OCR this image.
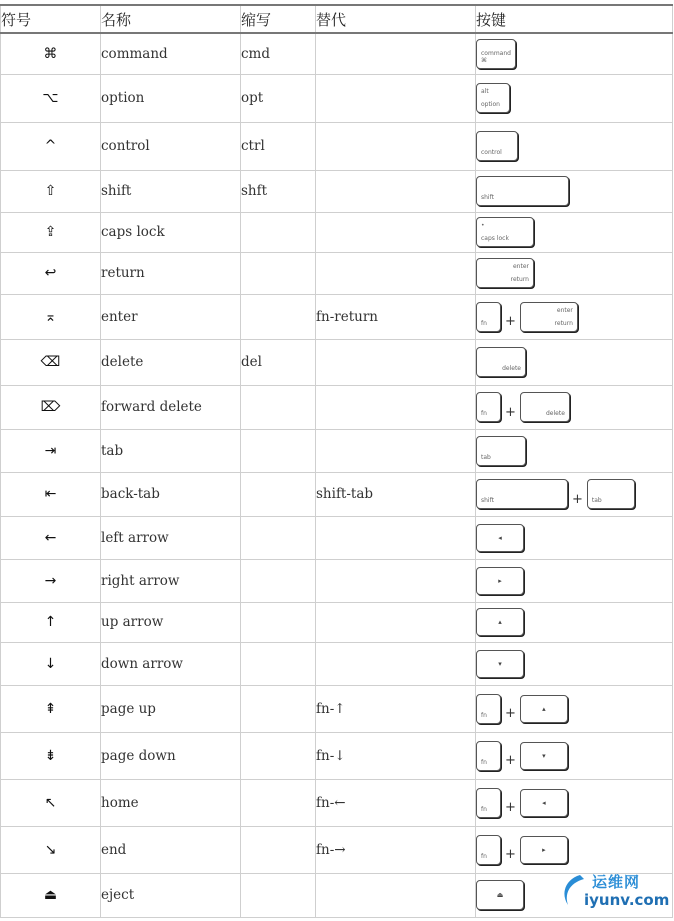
符号	名称	缩写	替代	按键
⌘	command	cmd		command ⌘

⌥	option	opt		option
alt

^	control	ctrl		control

⇧	shift	shft		shift

⇪	caps lock			caps lock
•

↩	return			return
enter

⌅	enter		fn-return	fn + return
enter

⌫	delete	del		delete

⌦	forward delete			fn + delete

⇥	tab			tab

⇤	back-tab		shift-tab	shift + tab

←	left arrow			◂

→	right arrow			▸

↑	up arrow			▴

↓	down arrow			▾

⇞	page up		fn-↑	fn + ▴

⇟	page down		fn-↓	fn + ▾

↖	home		fn-←	fn + ◂

↘	end		fn-→	fn + ▸

⏏	eject			⏏
运维网
iyunv.com
